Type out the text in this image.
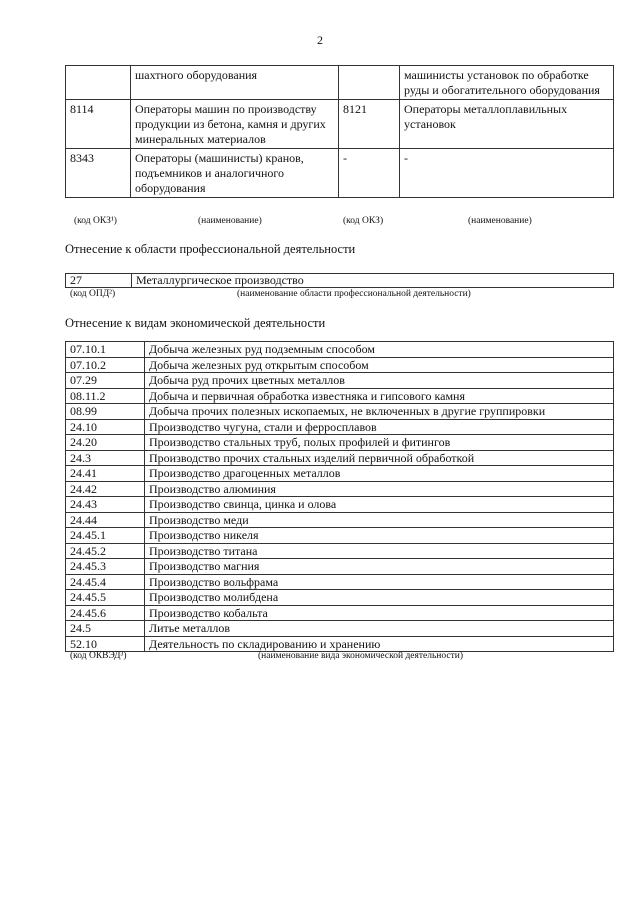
2
	шахтного оборудования		машинисты установок по обработке руды и обогатительного оборудования
8114	Операторы машин по производству продукции из бетона, камня и других минеральных материалов	8121	Операторы металлоплавильных установок
8343	Операторы (машинисты) кранов, подъемников и аналогичного оборудования	-	-
(код ОКЗ¹)	(наименование)	(код ОКЗ)	(наименование)
Отнесение к области профессиональной деятельности
27	Металлургическое производство
(код ОПД²)	(наименование области профессиональной деятельности)
Отнесение к видам экономической деятельности
07.10.1	Добыча железных руд подземным способом
07.10.2	Добыча железных руд открытым способом
07.29	Добыча руд прочих цветных металлов
08.11.2	Добыча и первичная обработка известняка и гипсового камня
08.99	Добыча прочих полезных ископаемых, не включенных в другие группировки
24.10	Производство чугуна, стали и ферросплавов
24.20	Производство стальных труб, полых профилей и фитингов
24.3	Производство прочих стальных изделий первичной обработкой
24.41	Производство драгоценных металлов
24.42	Производство алюминия
24.43	Производство свинца, цинка и олова
24.44	Производство меди
24.45.1	Производство никеля
24.45.2	Производство титана
24.45.3	Производство магния
24.45.4	Производство вольфрама
24.45.5	Производство молибдена
24.45.6	Производство кобальта
24.5	Литье металлов
52.10	Деятельность по складированию и хранению
(код ОКВЭД³)	(наименование вида экономической деятельности)
